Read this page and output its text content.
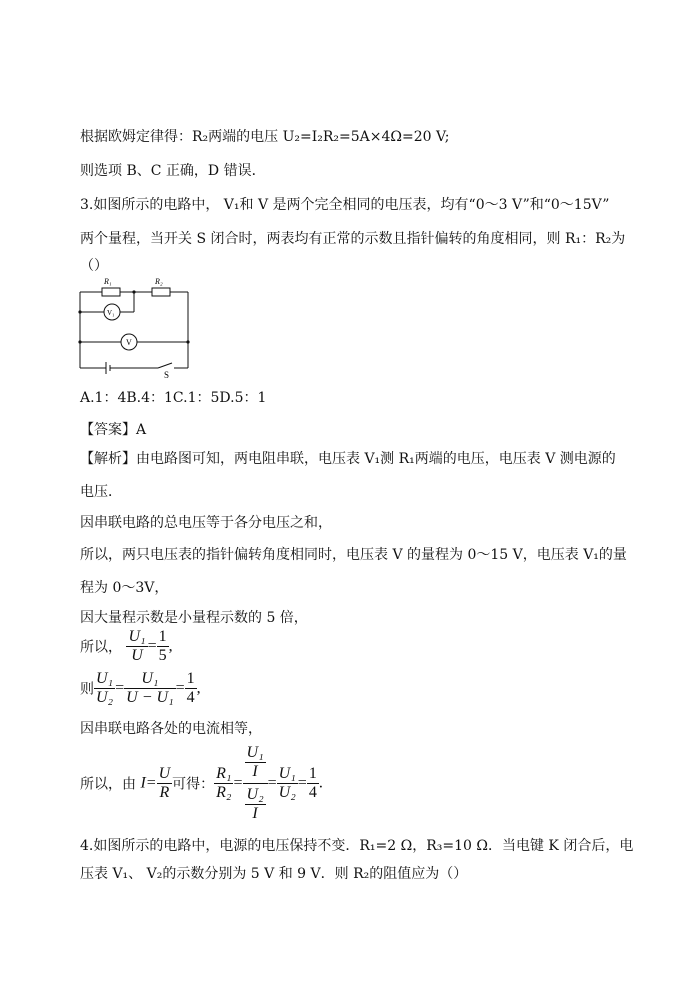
根据欧姆定律得：R₂两端的电压 U₂=I₂R₂=5A×4Ω=20 V;
则选项 B、C 正确，D 错误．
3.如图所示的电路中， V₁和 V 是两个完全相同的电压表，均有“0～3 V”和“0～15V”
两个量程，当开关 S 闭合时，两表均有正常的示数且指针偏转的角度相同，则 R₁：R₂为
（）
R₁	R₂
V₁
V
S
A.1：4B.4：1C.1：5D.5：1
【答案】A
【解析】由电路图可知，两电阻串联，电压表 V₁测 R₁两端的电压，电压表 V 测电源的
电压．
因串联电路的总电压等于各分电压之和，
所以，两只电压表的指针偏转角度相同时，电压表 V 的量程为 0～15 V，电压表 V₁的量
程为 0～3V，
因大量程示数是小量程示数的 5 倍，
所以， $\frac{\text{U₁}}{U} = \frac{1}{5}$ ,
则 $\frac{\text{U₁}}{\text{U₂}} = \frac{\text{U₁}}{\text{U − U₁}} = \frac{1}{4}$ ,
因串联电路各处的电流相等，
所以，由 $I= \frac{U}{R}$ 可得： $\frac{\text{R₁}}{\text{R₂}} = \frac{\frac{\text{U₁}}{I}}{\frac{\text{U₂}}{I}} = \frac{\text{U₁}}{\text{U₂}} = \frac{1}{4}$ .
4.如图所示的电路中，电源的电压保持不变．R₁=2 Ω，R₃=10 Ω．当电键 K 闭合后，电
压表 V₁、 V₂的示数分别为 5 V 和 9 V．则 R₂的阻值应为（）
